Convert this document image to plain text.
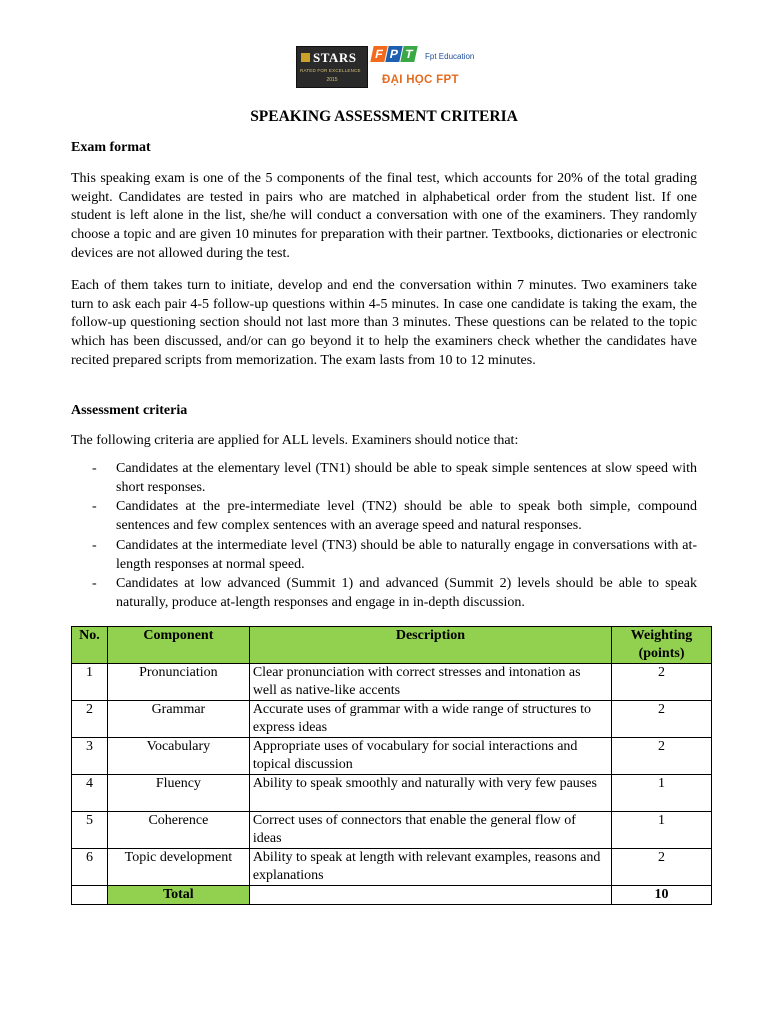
STARS
RATED FOR EXCELLENCE
2015
F P T	Fpt Education
ĐẠI HỌC FPT
SPEAKING ASSESSMENT CRITERIA
Exam format
This speaking exam is one of the 5 components of the final test, which accounts for 20% of the total grading weight. Candidates are tested in pairs who are matched in alphabetical order from the student list. If one student is left alone in the list, she/he will conduct a conversation with one of the examiners. They randomly choose a topic and are given 10 minutes for preparation with their partner. Textbooks, dictionaries or electronic devices are not allowed during the test.
Each of them takes turn to initiate, develop and end the conversation within 7 minutes. Two examiners take turn to ask each pair 4-5 follow-up questions within 4-5 minutes. In case one candidate is taking the exam, the follow-up questioning section should not last more than 3 minutes. These questions can be related to the topic which has been discussed, and/or can go beyond it to help the examiners check whether the candidates have recited prepared scripts from memorization. The exam lasts from 10 to 12 minutes.
Assessment criteria
The following criteria are applied for ALL levels. Examiners should notice that:
- Candidates at the elementary level (TN1) should be able to speak simple sentences at slow speed with short responses.
- Candidates at the pre-intermediate level (TN2) should be able to speak both simple, compound sentences and few complex sentences with an average speed and natural responses.
- Candidates at the intermediate level (TN3) should be able to naturally engage in conversations with at-length responses at normal speed.
- Candidates at low advanced (Summit 1) and advanced (Summit 2) levels should be able to speak naturally, produce at-length responses and engage in in-depth discussion.
No.	Component	Description	Weighting (points)
1	Pronunciation	Clear pronunciation with correct stresses and intonation as well as native-like accents	2
2	Grammar	Accurate uses of grammar with a wide range of structures to express ideas	2
3	Vocabulary	Appropriate uses of vocabulary for social interactions and topical discussion	2
4	Fluency	Ability to speak smoothly and naturally with very few pauses	1
5	Coherence	Correct uses of connectors that enable the general flow of ideas	1
6	Topic development	Ability to speak at length with relevant examples, reasons and explanations	2
	Total		10
